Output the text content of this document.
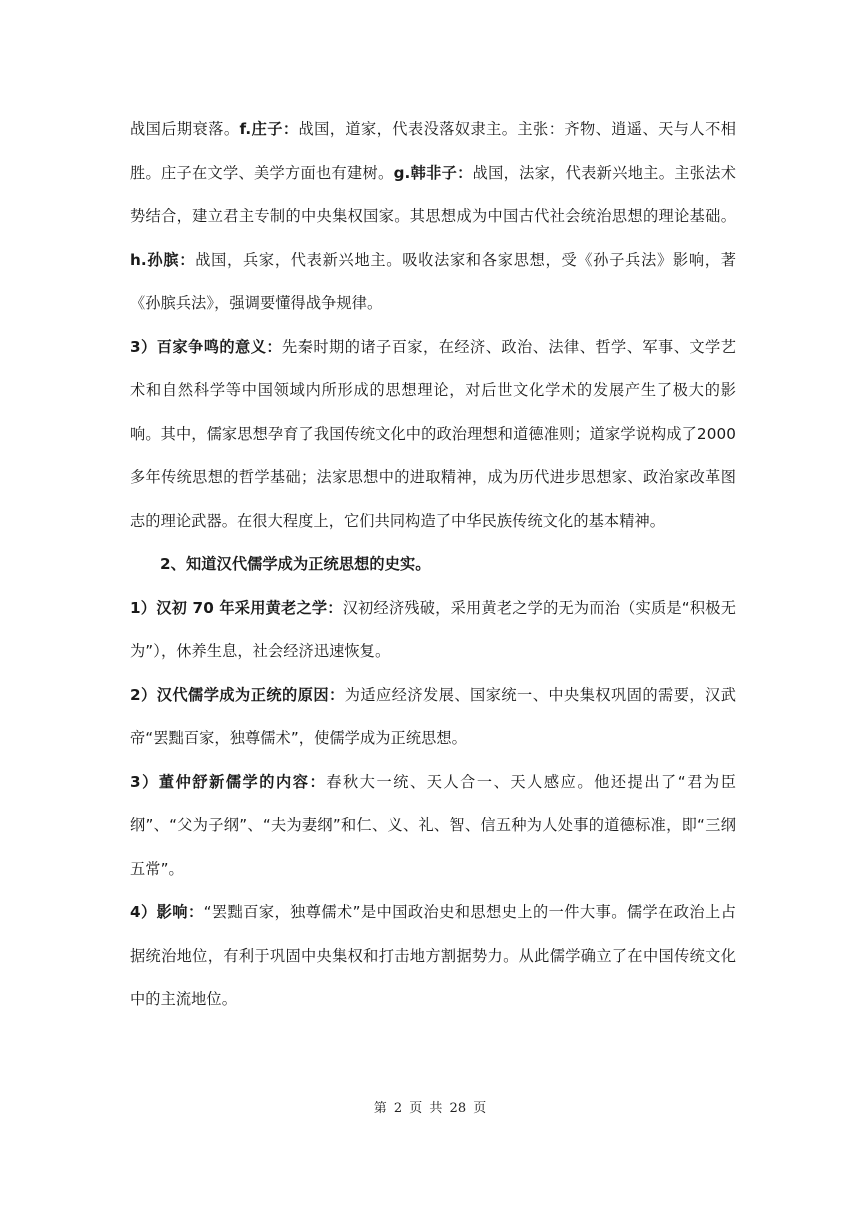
战国后期衰落。f.庄子：战国，道家，代表没落奴隶主。主张：齐物、逍遥、天与人不相胜。庄子在文学、美学方面也有建树。g.韩非子：战国，法家，代表新兴地主。主张法术势结合，建立君主专制的中央集权国家。其思想成为中国古代社会统治思想的理论基础。h.孙膑：战国，兵家，代表新兴地主。吸收法家和各家思想，受《孙子兵法》影响，著《孙膑兵法》，强调要懂得战争规律。

3）百家争鸣的意义：先秦时期的诸子百家，在经济、政治、法律、哲学、军事、文学艺术和自然科学等中国领域内所形成的思想理论，对后世文化学术的发展产生了极大的影响。其中，儒家思想孕育了我国传统文化中的政治理想和道德准则；道家学说构成了2000多年传统思想的哲学基础；法家思想中的进取精神，成为历代进步思想家、政治家改革图志的理论武器。在很大程度上，它们共同构造了中华民族传统文化的基本精神。

2、知道汉代儒学成为正统思想的史实。

1）汉初 70 年采用黄老之学：汉初经济残破，采用黄老之学的无为而治（实质是“积极无为”），休养生息，社会经济迅速恢复。

2）汉代儒学成为正统的原因：为适应经济发展、国家统一、中央集权巩固的需要，汉武帝“罢黜百家，独尊儒术”，使儒学成为正统思想。

3）董仲舒新儒学的内容：春秋大一统、天人合一、天人感应。他还提出了“君为臣纲”、“父为子纲”、“夫为妻纲”和仁、义、礼、智、信五种为人处事的道德标准，即“三纲五常”。

4）影响：“罢黜百家，独尊儒术”是中国政治史和思想史上的一件大事。儒学在政治上占据统治地位，有利于巩固中央集权和打击地方割据势力。从此儒学确立了在中国传统文化中的主流地位。

第 2 页 共 28 页
